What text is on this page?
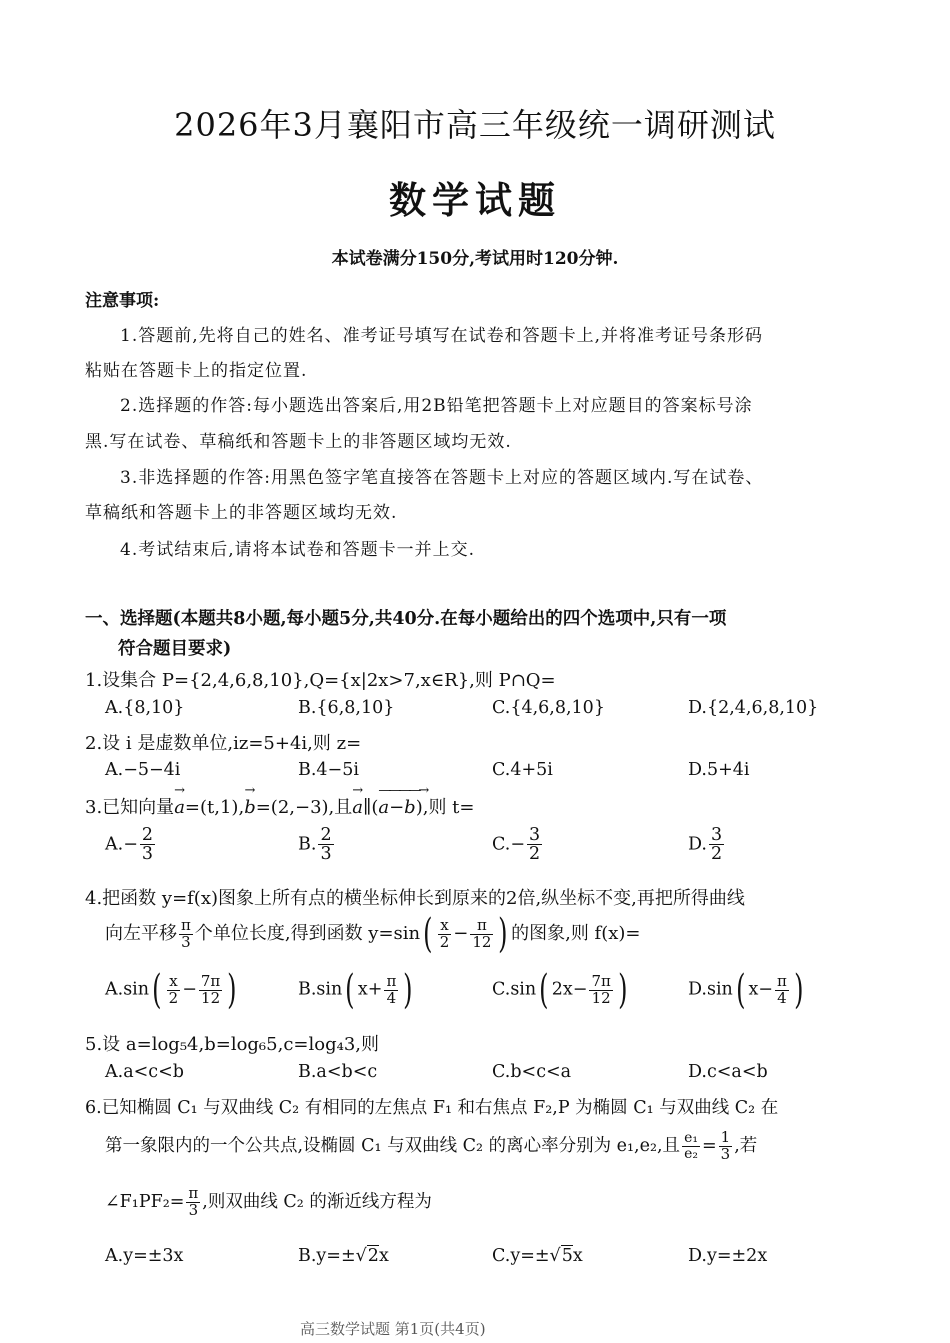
2026年3月襄阳市高三年级统一调研测试
数学试题
本试卷满分150分,考试用时120分钟.
注意事项:
1.答题前,先将自己的姓名、准考证号填写在试卷和答题卡上,并将准考证号条形码
粘贴在答题卡上的指定位置.
2.选择题的作答:每小题选出答案后,用2B铅笔把答题卡上对应题目的答案标号涂
黑.写在试卷、草稿纸和答题卡上的非答题区域均无效.
3.非选择题的作答:用黑色签字笔直接答在答题卡上对应的答题区域内.写在试卷、
草稿纸和答题卡上的非答题区域均无效.
4.考试结束后,请将本试卷和答题卡一并上交.
一、选择题(本题共8小题,每小题5分,共40分.在每小题给出的四个选项中,只有一项
符合题目要求)
1.设集合 P={2,4,6,8,10},Q={x|2x>7,x∈R},则 P∩Q=
A.{8,10}	B.{6,8,10}	C.{4,6,8,10}	D.{2,4,6,8,10}
2.设 i 是虚数单位,iz=5+4i,则 z=
A.−5−4i	B.4−5i	C.4+5i	D.5+4i
3.已知向量→ a=(t,1),→ b=(2,−3),且→ a∥(————→ a−b),则 t=
$A.- \frac{2}{3}$	B. $\frac{2}{3}$	$C.- \frac{3}{2}$	D. $\frac{3}{2}$
4.把函数 y=f(x)图象上所有点的横坐标伸长到原来的2倍,纵坐标不变,再把所得曲线
向左平移 $\frac{\pi}{3}$ 个单位长度,得到函数 $y=\sin( \frac{x}{2} - \frac{\pi}{12}$ ) 的图象,则 f(x)=
$A.\sin( \frac{x}{2} - \frac{7\pi}{12}$ )	B.sin( $x+ \frac{\pi}{4}$ )	C.sin( $2x- \frac{7\pi}{12}$ )	D.sin( $x- \frac{\pi}{4}$ )
5.设 a=log₅4,b=log₆5,c=log₄3,则
A.a<c<b	B.a<b<c	C.b<c<a	D.c<a<b
6.已知椭圆 C₁ 与双曲线 C₂ 有相同的左焦点 F₁ 和右焦点 F₂,P 为椭圆 C₁ 与双曲线 C₂ 在
第一象限内的一个公共点,设椭圆 C₁ 与双曲线 C₂ 的离心率分别为 e₁,e₂,且 $\frac{\text{e₁}}{\text{e₂}} = \frac{1}{3}$ ,若
∠F₁PF₂= $\frac{\pi}{3}$ ,则双曲线 C₂ 的渐近线方程为
A.y=±3x	B.y=±√2x	C.y=±√5x	D.y=±2x
高三数学试题 第1页(共4页)
